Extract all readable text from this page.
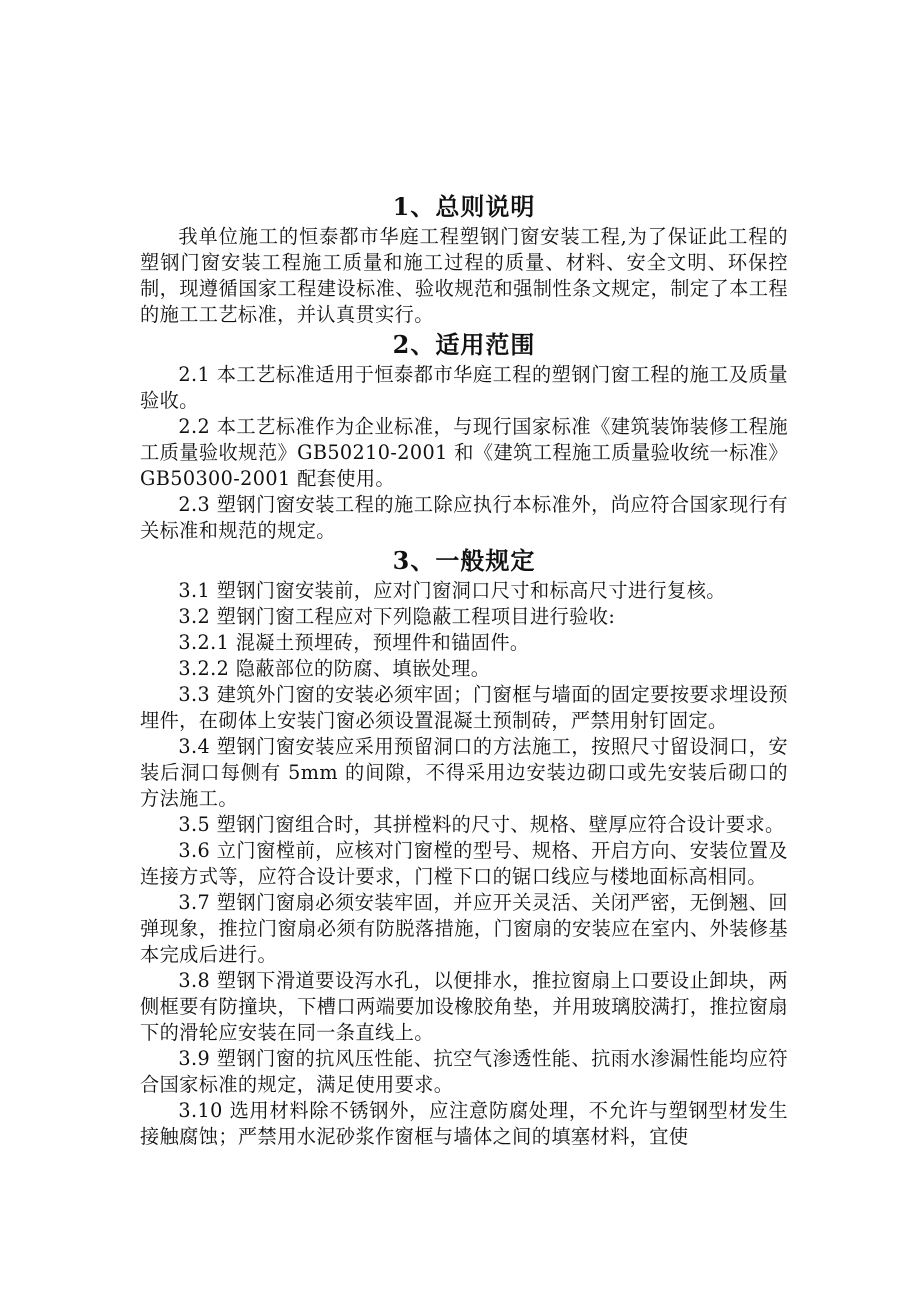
1、总则说明

我单位施工的恒泰都市华庭工程塑钢门窗安装工程,为了保证此工程的塑钢门窗安装工程施工质量和施工过程的质量、材料、安全文明、环保控制，现遵循国家工程建设标准、验收规范和强制性条文规定，制定了本工程的施工工艺标准，并认真贯实行。

2、适用范围

2.1 本工艺标准适用于恒泰都市华庭工程的塑钢门窗工程的施工及质量验收。

2.2 本工艺标准作为企业标准，与现行国家标准《建筑装饰装修工程施工质量验收规范》GB50210-2001 和《建筑工程施工质量验收统一标准》GB50300-2001 配套使用。

2.3 塑钢门窗安装工程的施工除应执行本标准外，尚应符合国家现行有关标准和规范的规定。

3、一般规定

3.1 塑钢门窗安装前，应对门窗洞口尺寸和标高尺寸进行复核。

3.2 塑钢门窗工程应对下列隐蔽工程项目进行验收:

3.2.1 混凝土预埋砖，预埋件和锚固件。

3.2.2 隐蔽部位的防腐、填嵌处理。

3.3 建筑外门窗的安装必须牢固；门窗框与墙面的固定要按要求埋设预埋件，在砌体上安装门窗必须设置混凝土预制砖，严禁用射钉固定。

3.4 塑钢门窗安装应采用预留洞口的方法施工，按照尺寸留设洞口，安装后洞口每侧有 5mm 的间隙，不得采用边安装边砌口或先安装后砌口的方法施工。

3.5 塑钢门窗组合时，其拼樘料的尺寸、规格、壁厚应符合设计要求。

3.6 立门窗樘前，应核对门窗樘的型号、规格、开启方向、安装位置及连接方式等，应符合设计要求，门樘下口的锯口线应与楼地面标高相同。

3.7 塑钢门窗扇必须安装牢固，并应开关灵活、关闭严密，无倒翘、回弹现象，推拉门窗扇必须有防脱落措施，门窗扇的安装应在室内、外装修基本完成后进行。

3.8 塑钢下滑道要设泻水孔，以便排水，推拉窗扇上口要设止卸块，两侧框要有防撞块，下槽口两端要加设橡胶角垫，并用玻璃胶满打，推拉窗扇下的滑轮应安装在同一条直线上。

3.9 塑钢门窗的抗风压性能、抗空气渗透性能、抗雨水渗漏性能均应符合国家标准的规定，满足使用要求。

3.10 选用材料除不锈钢外，应注意防腐处理，不允许与塑钢型材发生接触腐蚀；严禁用水泥砂浆作窗框与墙体之间的填塞材料，宜使
